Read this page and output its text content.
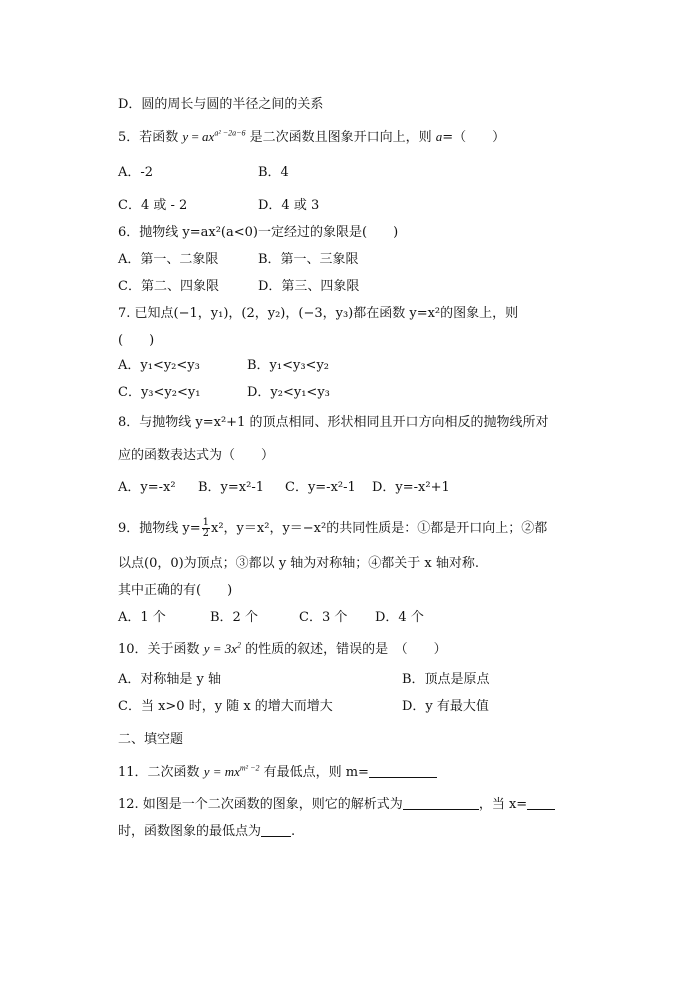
D．圆的周长与圆的半径之间的关系
5．若函数 $y = ax^{a^2 -2a-6}$ 是二次函数且图象开口向上，则 a=（　　）
A．-2	B．4
C．4 或 - 2	D．4 或 3
6．抛物线 y=ax²(a<0)一定经过的象限是(　　)
A．第一、二象限	B．第一、三象限
C．第二、四象限	D．第三、四象限
7. 已知点(−1，y₁)，(2，y₂)，(−3，y₃)都在函数 y=x²的图象上，则
(　　)
A．y₁<y₂<y₃	B．y₁<y₃<y₂
C．y₃<y₂<y₁	D．y₂<y₁<y₃
8．与抛物线 y=x²+1 的顶点相同、形状相同且开口方向相反的抛物线所对
应的函数表达式为（　　）
A．y=-x² B．y=x²-1 C．y=-x²-1 D．y=-x²+1
9．抛物线 $y= \frac{1}{2} x^2$，y＝x²，y＝−x²的共同性质是：①都是开口向上；②都
以点(0，0)为顶点；③都以 y 轴为对称轴；④都关于 x 轴对称.
其中正确的有(　　)
A．1 个	B．2 个	C．3 个 D．4 个
10．关于函数 $y = 3x^2$ 的性质的叙述，错误的是　（　　）
A．对称轴是 y 轴	B．顶点是原点
C．当 x>0 时，y 随 x 的增大而增大	D．y 有最大值
二、填空题
11．二次函数 $y = mx^{m^2 -2}$ 有最低点，则 m=
12. 如图是一个二次函数的图象，则它的解析式为	，当 x=
时，函数图象的最低点为 .
